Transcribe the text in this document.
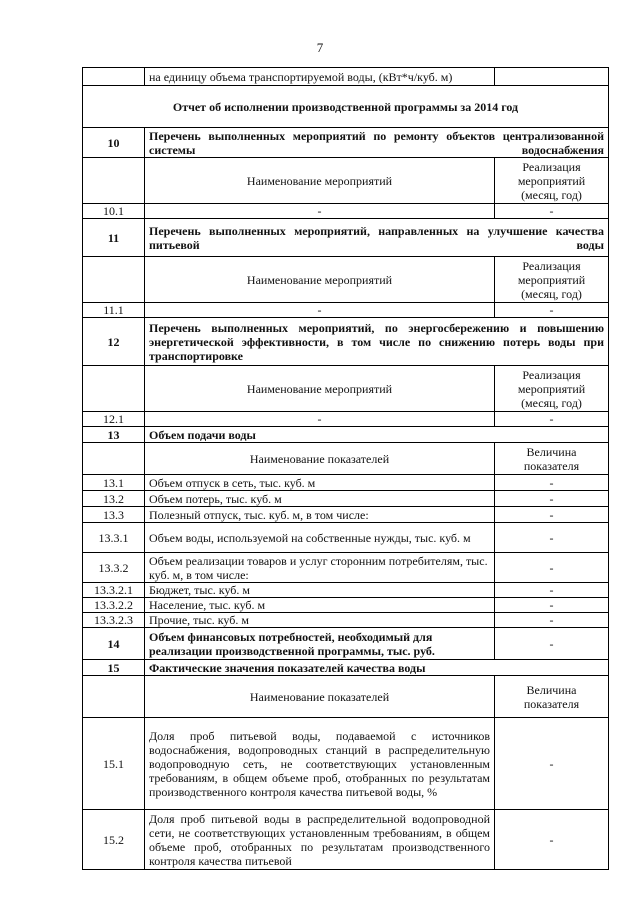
7
	на единицу объема транспортируемой воды, (кВт*ч/куб. м)	
Отчет об исполнении производственной программы за 2014 год		
10	Перечень выполненных мероприятий по ремонту объектов централизованной системы водоснабжения	
	Наименование мероприятий	Реализация мероприятий (месяц, год)
10.1	-	-
11	Перечень выполненных мероприятий, направленных на улучшение качества питьевой воды	
	Наименование мероприятий	Реализация мероприятий (месяц, год)
11.1	-	-
12	Перечень выполненных мероприятий, по энергосбережению и повышению энергетической эффективности, в том числе по снижению потерь воды при транспортировке	
	Наименование мероприятий	Реализация мероприятий (месяц, год)
12.1	-	-
13	Объем подачи воды	
	Наименование показателей	Величина показателя
13.1	Объем отпуск в сеть, тыс. куб. м	-
13.2	Объем потерь, тыс. куб. м	-
13.3	Полезный отпуск, тыс. куб. м, в том числе:	-
13.3.1	Объем воды, используемой на собственные нужды, тыс. куб. м	-
13.3.2	Объем реализации товаров и услуг сторонним потребителям, тыс. куб. м, в том числе:	-
13.3.2.1	Бюджет, тыс. куб. м	-
13.3.2.2	Население, тыс. куб. м	-
13.3.2.3	Прочие, тыс. куб. м	-
14	Объем финансовых потребностей, необходимый для реализации производственной программы, тыс. руб.	-
15	Фактические значения показателей качества воды	
	Наименование показателей	Величина показателя
15.1	Доля проб питьевой воды, подаваемой с источников водоснабжения, водопроводных станций в распределительную водопроводную сеть, не соответствующих установленным требованиям, в общем объеме проб, отобранных по результатам производственного контроля качества питьевой воды, %	-
15.2	Доля проб питьевой воды в распределительной водопроводной сети, не соответствующих установленным требованиям, в общем объеме проб, отобранных по результатам производственного контроля качества питьевой	-
